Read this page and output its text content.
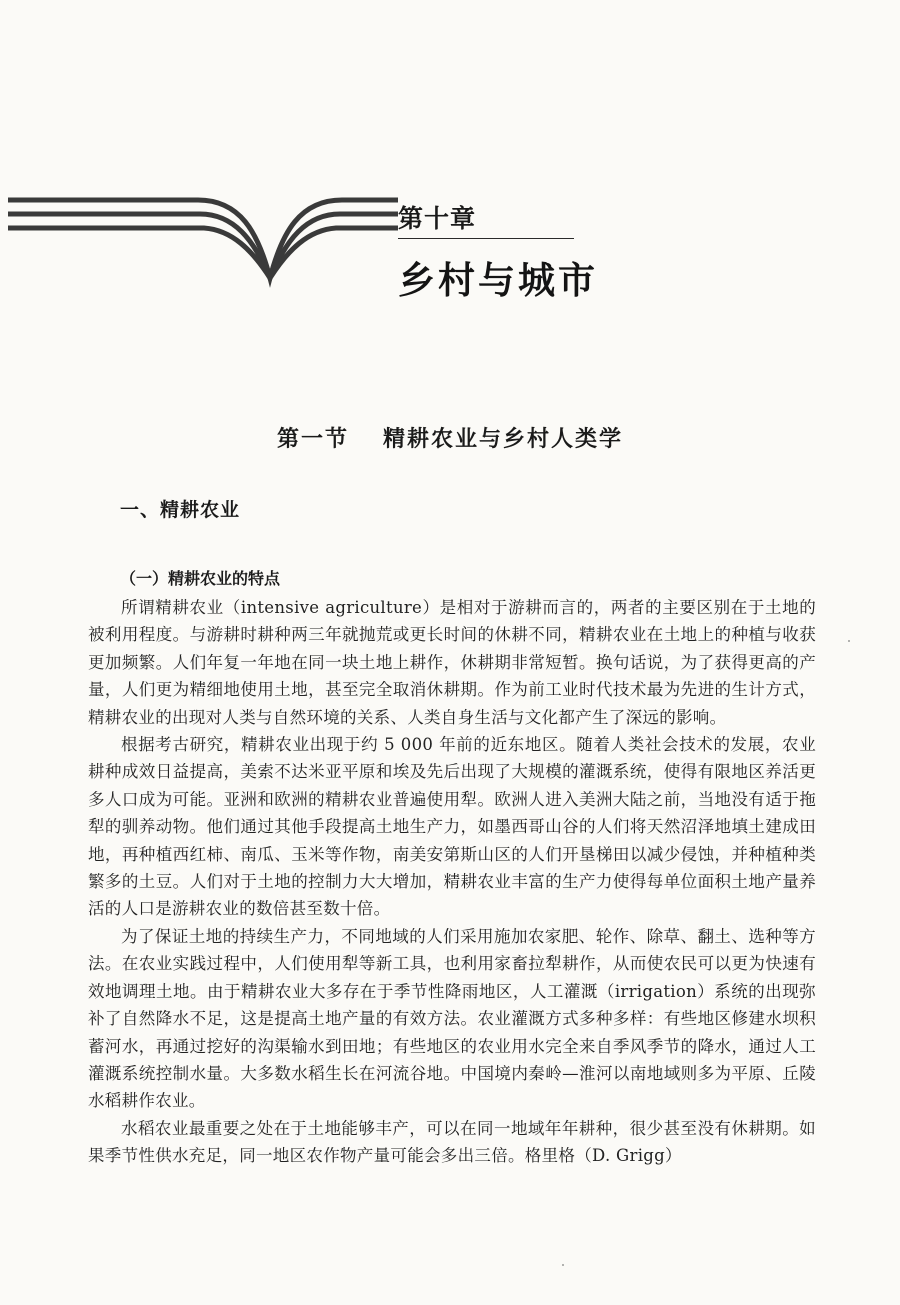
第十章
乡村与城市
第一节 精耕农业与乡村人类学
一、精耕农业
（一）精耕农业的特点

所谓精耕农业（intensive agriculture）是相对于游耕而言的，两者的主要区别在于土地的被利用程度。与游耕时耕种两三年就抛荒或更长时间的休耕不同，精耕农业在土地上的种植与收获更加频繁。人们年复一年地在同一块土地上耕作，休耕期非常短暂。换句话说，为了获得更高的产量，人们更为精细地使用土地，甚至完全取消休耕期。作为前工业时代技术最为先进的生计方式，精耕农业的出现对人类与自然环境的关系、人类自身生活与文化都产生了深远的影响。

根据考古研究，精耕农业出现于约 5 000 年前的近东地区。随着人类社会技术的发展，农业耕种成效日益提高，美索不达米亚平原和埃及先后出现了大规模的灌溉系统，使得有限地区养活更多人口成为可能。亚洲和欧洲的精耕农业普遍使用犁。欧洲人进入美洲大陆之前，当地没有适于拖犁的驯养动物。他们通过其他手段提高土地生产力，如墨西哥山谷的人们将天然沼泽地填土建成田地，再种植西红柿、南瓜、玉米等作物，南美安第斯山区的人们开垦梯田以减少侵蚀，并种植种类繁多的土豆。人们对于土地的控制力大大增加，精耕农业丰富的生产力使得每单位面积土地产量养活的人口是游耕农业的数倍甚至数十倍。

为了保证土地的持续生产力，不同地域的人们采用施加农家肥、轮作、除草、翻土、选种等方法。在农业实践过程中，人们使用犁等新工具，也利用家畜拉犁耕作，从而使农民可以更为快速有效地调理土地。由于精耕农业大多存在于季节性降雨地区，人工灌溉（irrigation）系统的出现弥补了自然降水不足，这是提高土地产量的有效方法。农业灌溉方式多种多样：有些地区修建水坝积蓄河水，再通过挖好的沟渠输水到田地；有些地区的农业用水完全来自季风季节的降水，通过人工灌溉系统控制水量。大多数水稻生长在河流谷地。中国境内秦岭—淮河以南地域则多为平原、丘陵水稻耕作农业。

水稻农业最重要之处在于土地能够丰产，可以在同一地域年年耕种，很少甚至没有休耕期。如果季节性供水充足，同一地区农作物产量可能会多出三倍。格里格（D. Grigg）
